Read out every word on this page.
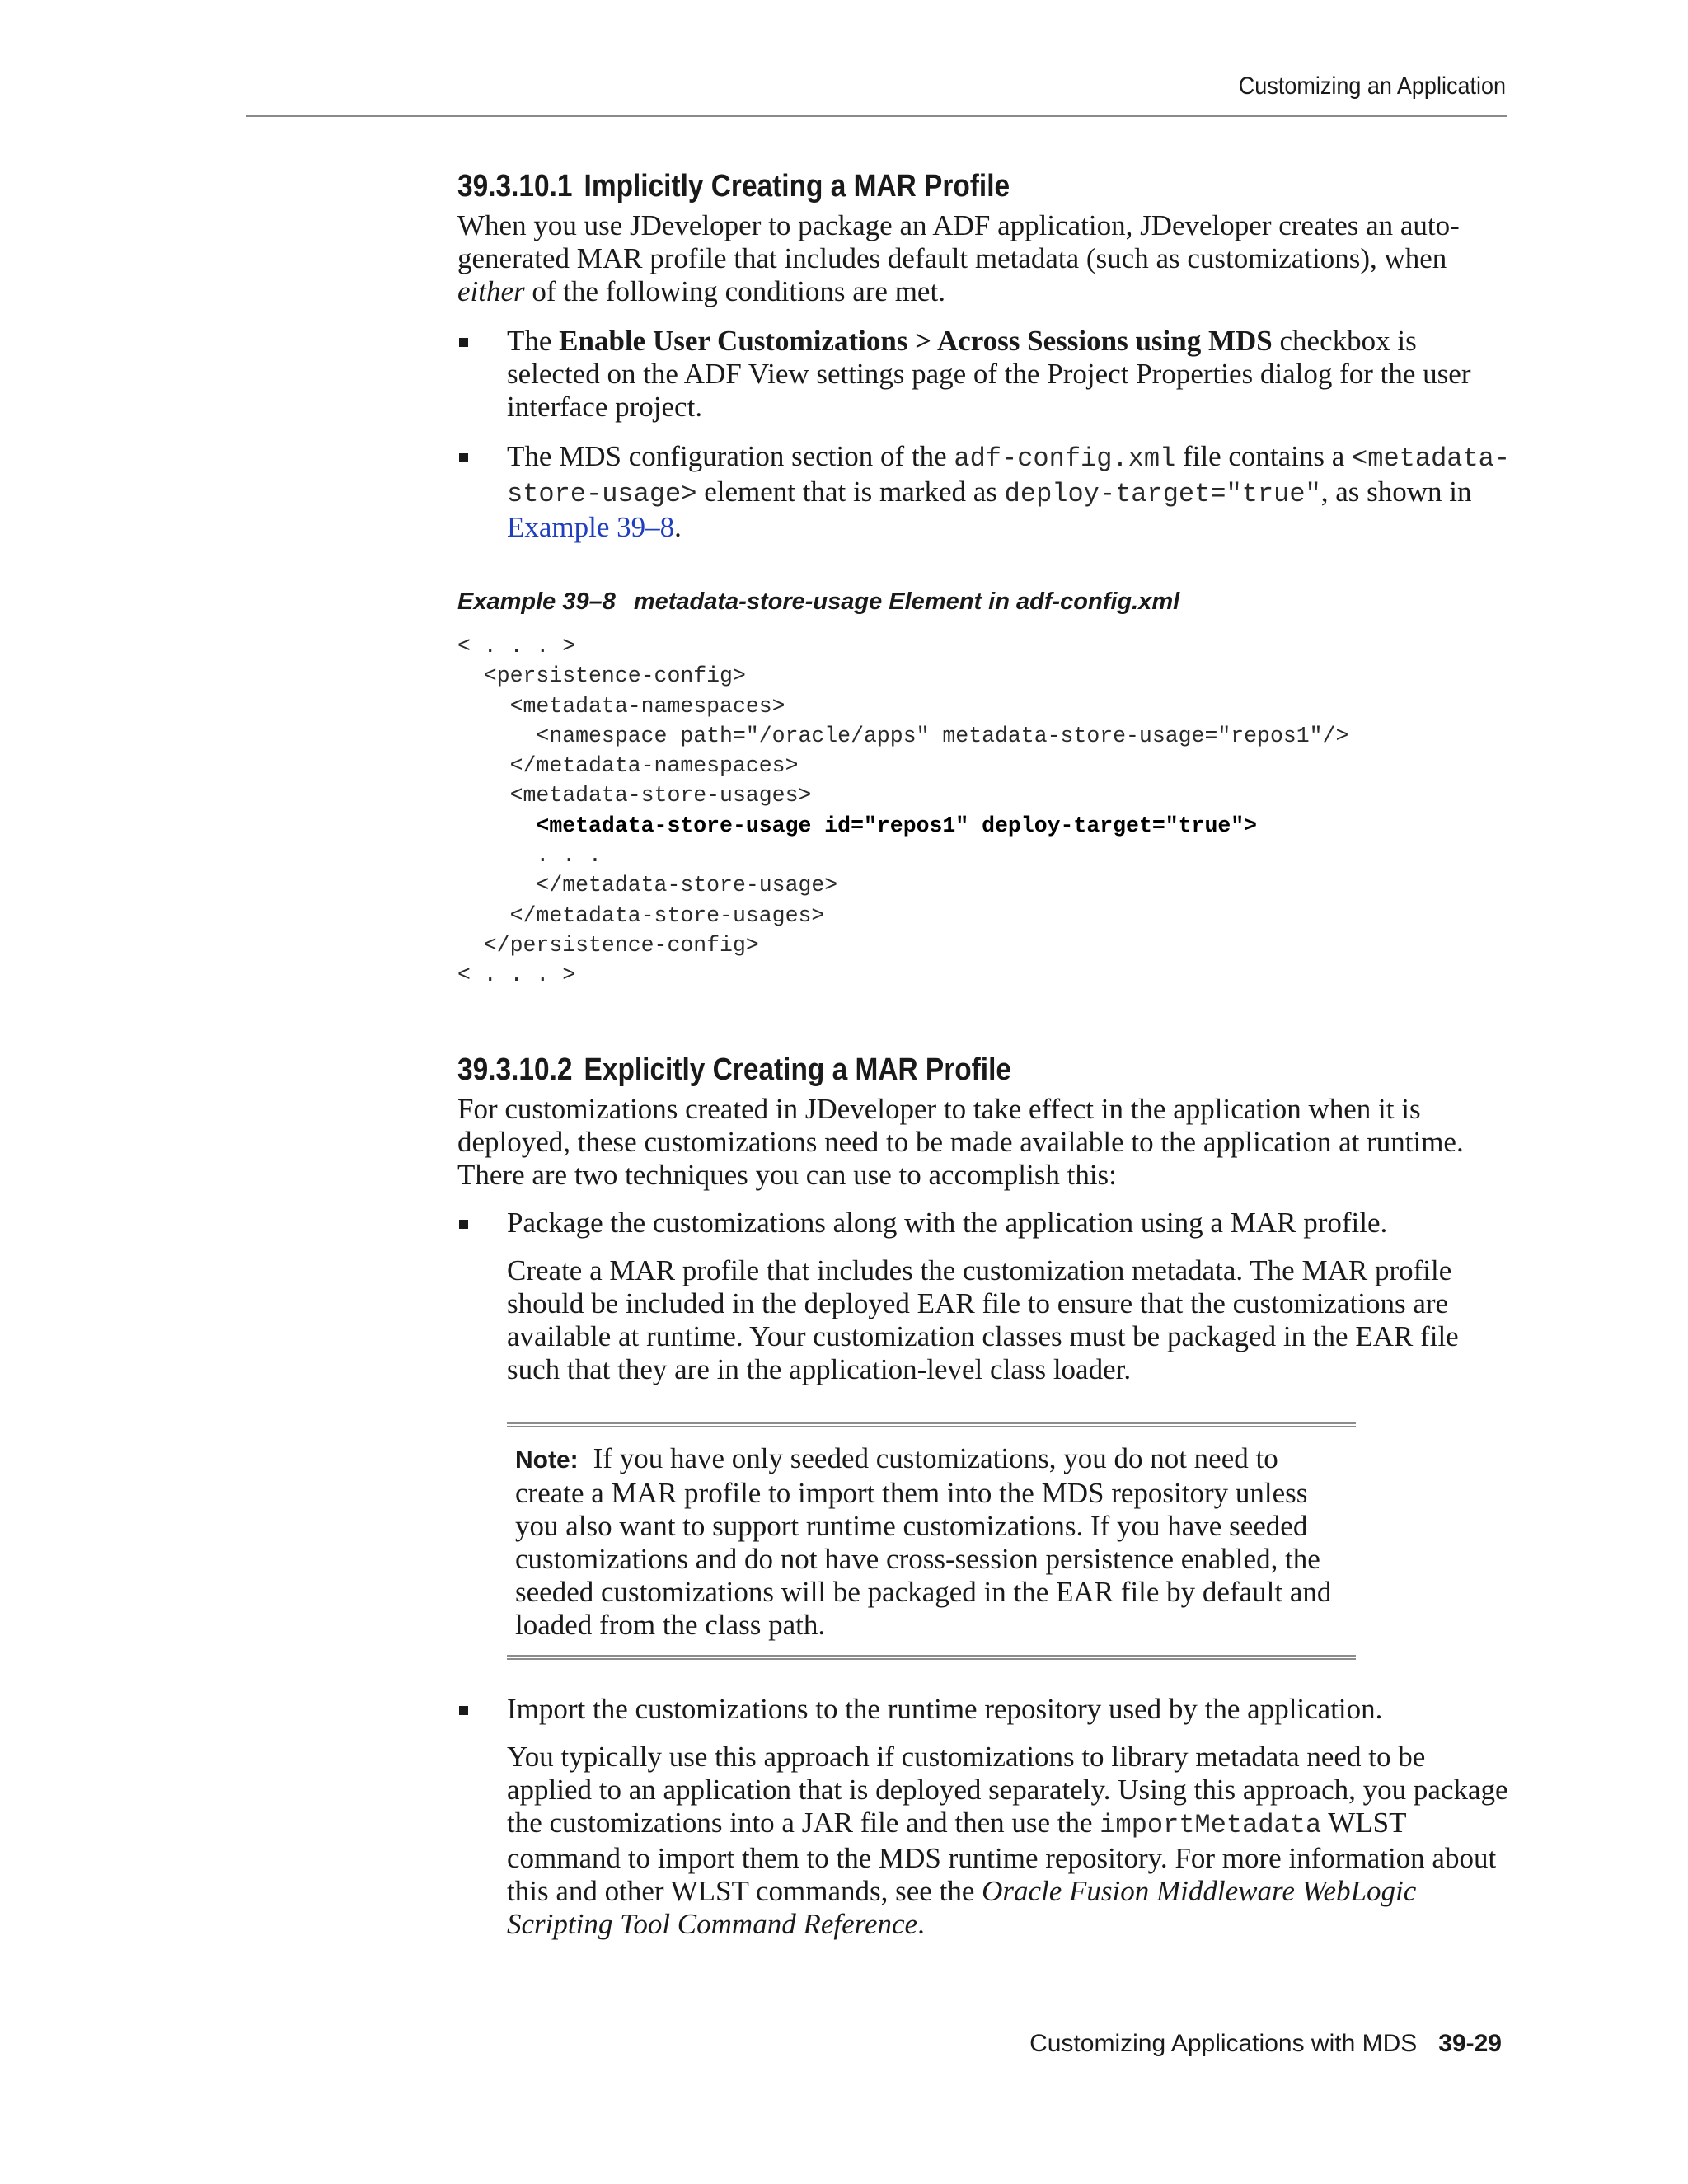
Customizing an Application
39.3.10.1 Implicitly Creating a MAR Profile

When you use JDeveloper to package an ADF application, JDeveloper creates an auto-generated MAR profile that includes default metadata (such as customizations), when either of the following conditions are met.

The Enable User Customizations > Across Sessions using MDS checkbox is selected on the ADF View settings page of the Project Properties dialog for the user interface project.
The MDS configuration section of the adf-config.xml file contains a <metadata-store-usage> element that is marked as deploy-target="true", as shown in Example 39–8.

Example 39–8 metadata-store-usage Element in adf-config.xml

< . . . >
<persistence-config>
<metadata-namespaces>
<namespace path="/oracle/apps" metadata-store-usage="repos1"/>
</metadata-namespaces>
<metadata-store-usages>
<metadata-store-usage id="repos1" deploy-target="true">
. . .
</metadata-store-usage>
</metadata-store-usages>
</persistence-config>
< . . . >
39.3.10.2 Explicitly Creating a MAR Profile

For customizations created in JDeveloper to take effect in the application when it is deployed, these customizations need to be made available to the application at runtime. There are two techniques you can use to accomplish this:

Package the customizations along with the application using a MAR profile.

Create a MAR profile that includes the customization metadata. The MAR profile should be included in the deployed EAR file to ensure that the customizations are available at runtime. Your customization classes must be packaged in the EAR file such that they are in the application-level class loader.

Note: If you have only seeded customizations, you do not need to create a MAR profile to import them into the MDS repository unless you also want to support runtime customizations. If you have seeded customizations and do not have cross-session persistence enabled, the seeded customizations will be packaged in the EAR file by default and loaded from the class path.

Import the customizations to the runtime repository used by the application.

You typically use this approach if customizations to library metadata need to be applied to an application that is deployed separately. Using this approach, you package the customizations into a JAR file and then use the importMetadata WLST command to import them to the MDS runtime repository. For more information about this and other WLST commands, see the Oracle Fusion Middleware WebLogic Scripting Tool Command Reference.

Customizing Applications with MDS 39-29
